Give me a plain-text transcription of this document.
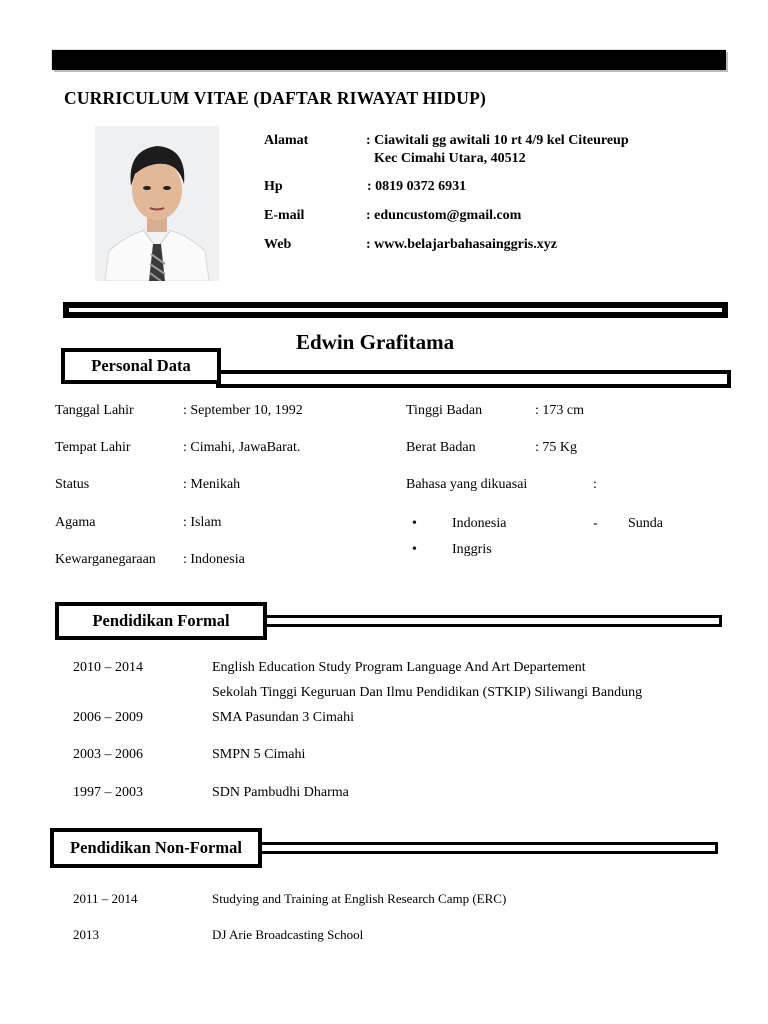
CURRICULUM VITAE (DAFTAR RIWAYAT HIDUP)
Alamat	: Ciawitali gg awitali 10 rt 4/9 kel Citeureup
Kec Cimahi Utara, 40512
Hp	: 0819 0372 6931
E-mail	: eduncustom@gmail.com
Web	: www.belajarbahasainggris.xyz
Edwin Grafitama
Personal Data
Tanggal Lahir	: September 10, 1992
Tempat Lahir	: Cimahi, JawaBarat.
Status	: Menikah
Agama	: Islam
Kewarganegaraan : Indonesia
Tinggi Badan	: 173 cm
Berat Badan	: 75 Kg
Bahasa yang dikuasai	:
•	Indonesia	- Sunda
•	Inggris
Pendidikan Formal
2010 – 2014	English Education Study Program Language And Art Departement
Sekolah Tinggi Keguruan Dan Ilmu Pendidikan (STKIP) Siliwangi Bandung
2006 – 2009	SMA Pasundan 3 Cimahi
2003 – 2006	SMPN 5 Cimahi
1997 – 2003	SDN Pambudhi Dharma
Pendidikan Non-Formal
2011 – 2014	Studying and Training at English Research Camp (ERC)
2013	DJ Arie Broadcasting School
